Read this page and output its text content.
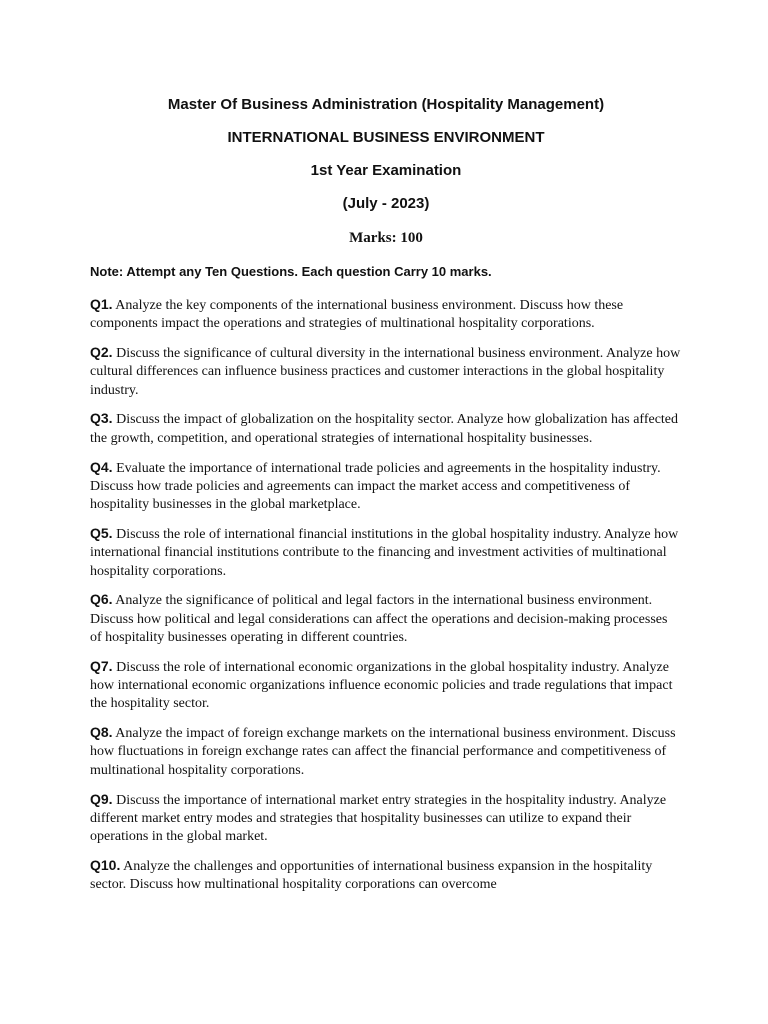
Master Of Business Administration (Hospitality Management)

INTERNATIONAL BUSINESS ENVIRONMENT

1st Year Examination

(July - 2023)

Marks: 100

Note: Attempt any Ten Questions. Each question Carry 10 marks.

Q1. Analyze the key components of the international business environment. Discuss how these components impact the operations and strategies of multinational hospitality corporations.

Q2. Discuss the significance of cultural diversity in the international business environment. Analyze how cultural differences can influence business practices and customer interactions in the global hospitality industry.

Q3. Discuss the impact of globalization on the hospitality sector. Analyze how globalization has affected the growth, competition, and operational strategies of international hospitality businesses.

Q4. Evaluate the importance of international trade policies and agreements in the hospitality industry. Discuss how trade policies and agreements can impact the market access and competitiveness of hospitality businesses in the global marketplace.

Q5. Discuss the role of international financial institutions in the global hospitality industry. Analyze how international financial institutions contribute to the financing and investment activities of multinational hospitality corporations.

Q6. Analyze the significance of political and legal factors in the international business environment. Discuss how political and legal considerations can affect the operations and decision-making processes of hospitality businesses operating in different countries.

Q7. Discuss the role of international economic organizations in the global hospitality industry. Analyze how international economic organizations influence economic policies and trade regulations that impact the hospitality sector.

Q8. Analyze the impact of foreign exchange markets on the international business environment. Discuss how fluctuations in foreign exchange rates can affect the financial performance and competitiveness of multinational hospitality corporations.

Q9. Discuss the importance of international market entry strategies in the hospitality industry. Analyze different market entry modes and strategies that hospitality businesses can utilize to expand their operations in the global market.

Q10. Analyze the challenges and opportunities of international business expansion in the hospitality sector. Discuss how multinational hospitality corporations can overcome
